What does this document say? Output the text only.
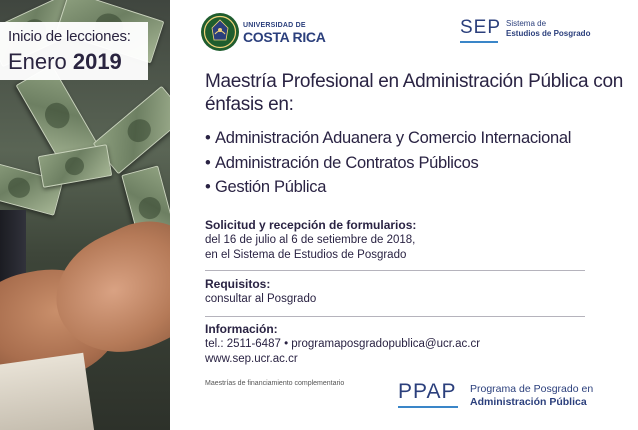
Inicio de lecciones:
Enero 2019
UNIVERSIDAD DE
COSTA RICA	SEP Sistema de
Estudios de Posgrado
Maestría Profesional en Administración Pública con énfasis en:
• Administración Aduanera y Comercio Internacional
• Administración de Contratos Públicos
• Gestión Pública
Solicitud y recepción de formularios:
del 16 de julio al 6 de setiembre de 2018,
en el Sistema de Estudios de Posgrado
Requisitos:
consultar al Posgrado
Información:
tel.: 2511-6487 • programaposgradopublica@ucr.ac.cr
www.sep.ucr.ac.cr
Maestrías de financiamiento complementario	PPAP Programa de Posgrado en
Administración Pública
